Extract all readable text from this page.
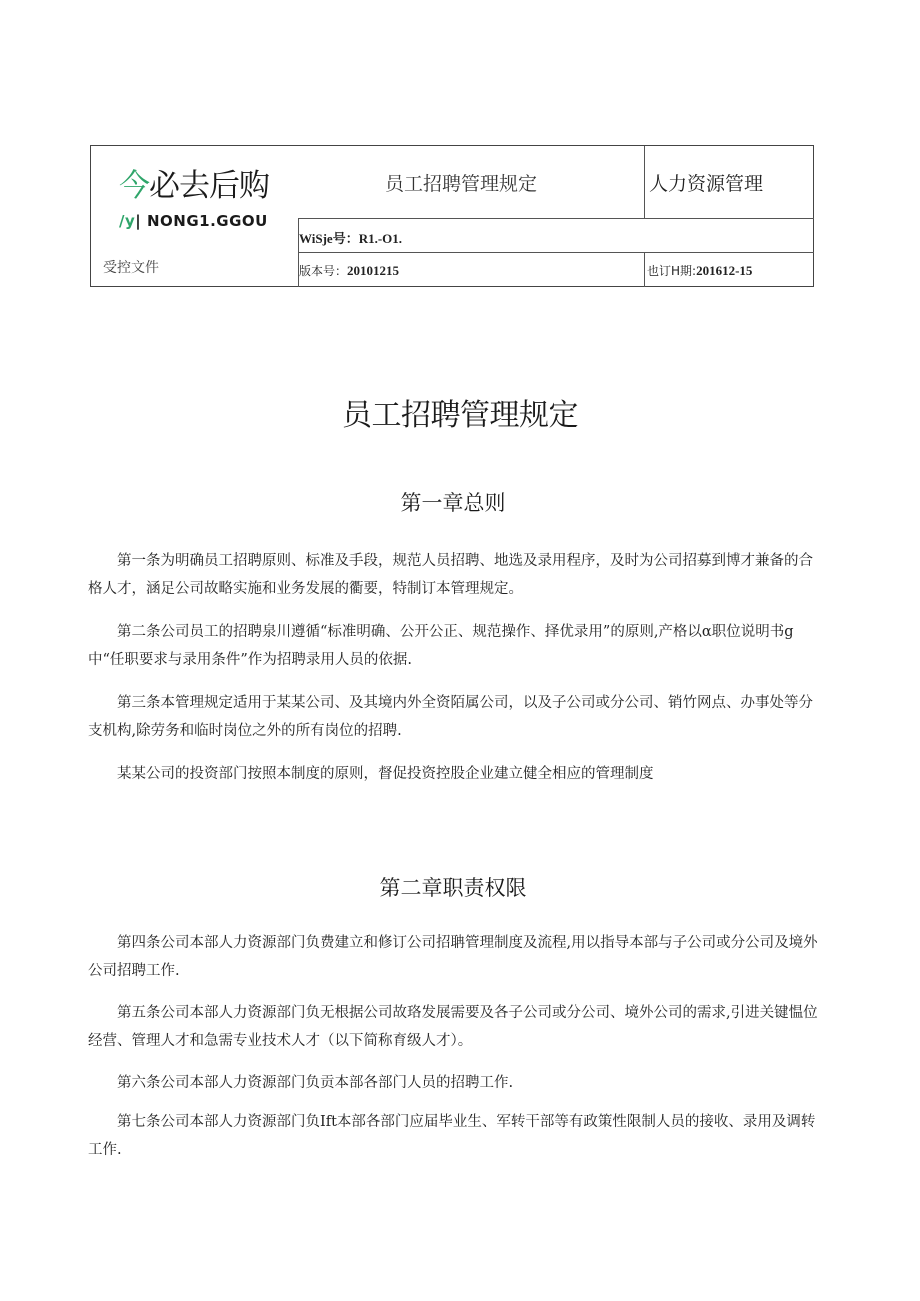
今必去后购
/y| NONG1.GGOU
员工招聘管理规定	人力资源管理
WiSje号：R1.-O1.
版本号：20101215	也订H期:201612-15
受控文件
员工招聘管理规定
第一章总则
第一条为明确员工招聘原则、标准及手段，规范人员招聘、地选及录用程序，及时为公司招募到博才兼备的合格人才，涵足公司故略实施和业务发展的衢要，特制订本管理规定。
第二条公司员工的招聘泉川遵循“标准明确、公开公正、规范操作、择优录用”的原则,产格以α职位说明书g中“任职要求与录用条件”作为招聘录用人员的依据.
第三条本管理规定适用于某某公司、及其境内外全资陌属公司，以及子公司或分公司、销竹网点、办事处等分支机构,除劳务和临时岗位之外的所有岗位的招聘.
某某公司的投资部门按照本制度的原则，督促投资控股企业建立健全相应的管理制度
第二章职责权限
第四条公司本部人力资源部门负费建立和修订公司招聃管理制度及流程,用以指导本部与子公司或分公司及境外公司招聘工作.
第五条公司本部人力资源部门负无根据公司故珞发展需要及各子公司或分公司、境外公司的需求,引进关键愠位经营、管理人才和急需专业技术人才（以下简称育级人才）。
第六条公司本部人力资源部门负贡本部各部门人员的招聘工作.
第七条公司本部人力资源部门负Ift本部各部门应届毕业生、军转干部等有政策性限制人员的接收、录用及调转工作.
